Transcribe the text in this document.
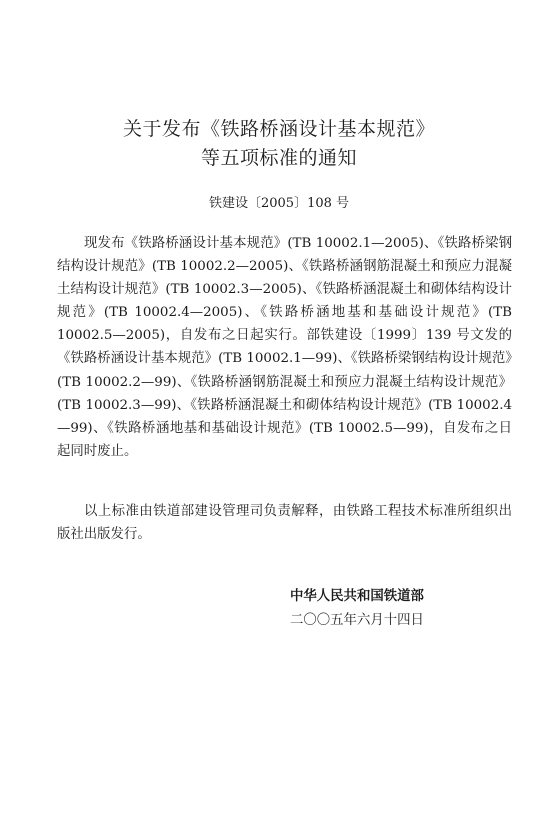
关于发布《铁路桥涵设计基本规范》
等五项标准的通知
铁建设〔2005〕108 号

现发布《铁路桥涵设计基本规范》(TB 10002.1—2005)、《铁路桥梁钢结构设计规范》(TB 10002.2—2005)、《铁路桥涵钢筋混凝土和预应力混凝土结构设计规范》(TB 10002.3—2005)、《铁路桥涵混凝土和砌体结构设计规范》(TB 10002.4—2005)、《铁路桥涵地基和基础设计规范》(TB 10002.5—2005)，自发布之日起实行。部铁建设〔1999〕139 号文发的《铁路桥涵设计基本规范》(TB 10002.1—99)、《铁路桥梁钢结构设计规范》(TB 10002.2—99)、《铁路桥涵钢筋混凝土和预应力混凝土结构设计规范》(TB 10002.3—99)、《铁路桥涵混凝土和砌体结构设计规范》(TB 10002.4—99)、《铁路桥涵地基和基础设计规范》(TB 10002.5—99)，自发布之日起同时废止。

以上标准由铁道部建设管理司负责解释，由铁路工程技术标准所组织出版社出版发行。

中华人民共和国铁道部
二〇〇五年六月十四日
